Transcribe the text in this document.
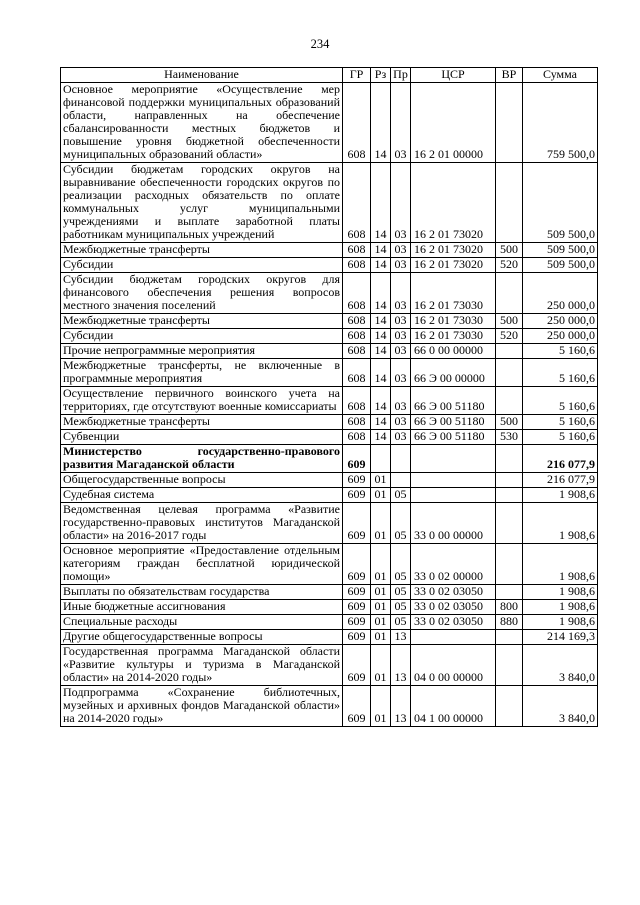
234
Наименование	ГР	Рз	Пр	ЦСР	ВР	Сумма
Основное мероприятие «Осуществление мер финансовой поддержки муниципальных образований области, направленных на обеспечение сбалансированности местных бюджетов и повышение уровня бюджетной обеспеченности муниципальных образований области»	608	14	03	16 2 01 00000		759 500,0
Субсидии бюджетам городских округов на выравнивание обеспеченности городских округов по реализации расходных обязательств по оплате коммунальных услуг муниципальными учреждениями и выплате заработной платы работникам муниципальных учреждений	608	14	03	16 2 01 73020		509 500,0
Межбюджетные трансферты	608	14	03	16 2 01 73020	500	509 500,0
Субсидии	608	14	03	16 2 01 73020	520	509 500,0
Субсидии бюджетам городских округов для финансового обеспечения решения вопросов местного значения поселений	608	14	03	16 2 01 73030		250 000,0
Межбюджетные трансферты	608	14	03	16 2 01 73030	500	250 000,0
Субсидии	608	14	03	16 2 01 73030	520	250 000,0
Прочие непрограммные мероприятия	608	14	03	66 0 00 00000		5 160,6
Межбюджетные трансферты, не включенные в программные мероприятия	608	14	03	66 Э 00 00000		5 160,6
Осуществление первичного воинского учета на территориях, где отсутствуют военные комиссариаты	608	14	03	66 Э 00 51180		5 160,6
Межбюджетные трансферты	608	14	03	66 Э 00 51180	500	5 160,6
Субвенции	608	14	03	66 Э 00 51180	530	5 160,6
Министерство государственно-правового развития Магаданской области	609					216 077,9
Общегосударственные вопросы	609	01				216 077,9
Судебная система	609	01	05			1 908,6
Ведомственная целевая программа «Развитие государственно-правовых институтов Магаданской области» на 2016-2017 годы	609	01	05	33 0 00 00000		1 908,6
Основное мероприятие «Предоставление отдельным категориям граждан бесплатной юридической помощи»	609	01	05	33 0 02 00000		1 908,6
Выплаты по обязательствам государства	609	01	05	33 0 02 03050		1 908,6
Иные бюджетные ассигнования	609	01	05	33 0 02 03050	800	1 908,6
Специальные расходы	609	01	05	33 0 02 03050	880	1 908,6
Другие общегосударственные вопросы	609	01	13			214 169,3
Государственная программа Магаданской области «Развитие культуры и туризма в Магаданской области» на 2014-2020 годы»	609	01	13	04 0 00 00000		3 840,0
Подпрограмма «Сохранение библиотечных, музейных и архивных фондов Магаданской области» на 2014-2020 годы»	609	01	13	04 1 00 00000		3 840,0
